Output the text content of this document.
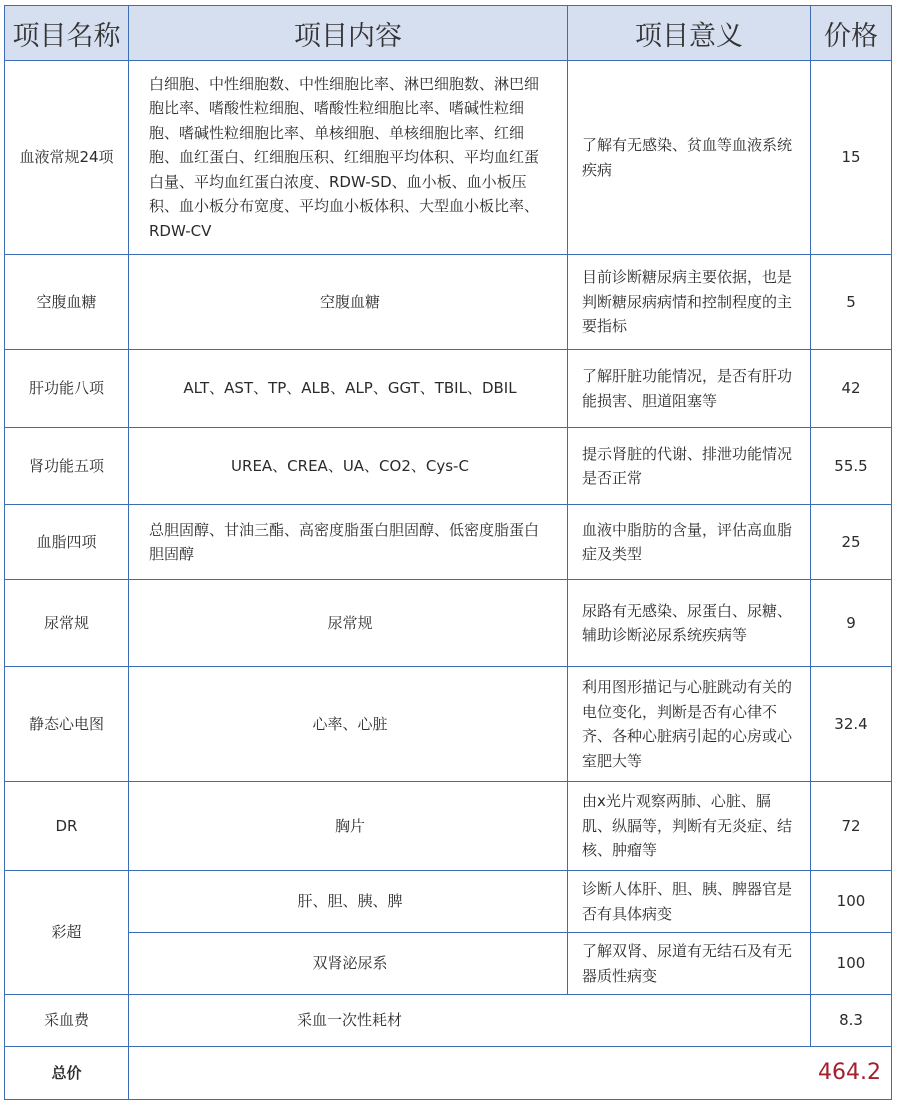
项目名称	项目内容	项目意义	价格
血液常规24项	白细胞、中性细胞数、中性细胞比率、淋巴细胞数、淋巴细胞比率、嗜酸性粒细胞、嗜酸性粒细胞比率、嗜碱性粒细胞、嗜碱性粒细胞比率、单核细胞、单核细胞比率、红细胞、血红蛋白、红细胞压积、红细胞平均体积、平均血红蛋白量、平均血红蛋白浓度、RDW-SD、血小板、血小板压积、血小板分布宽度、平均血小板体积、大型血小板比率、RDW-CV	了解有无感染、贫血等血液系统疾病	15
空腹血糖	空腹血糖	目前诊断糖尿病主要依据，也是判断糖尿病病情和控制程度的主要指标	5
肝功能八项	ALT、AST、TP、ALB、ALP、GGT、TBIL、DBIL	了解肝脏功能情况，是否有肝功能损害、胆道阻塞等	42
肾功能五项	UREA、CREA、UA、CO2、Cys-C	提示肾脏的代谢、排泄功能情况是否正常	55.5
血脂四项	总胆固醇、甘油三酯、高密度脂蛋白胆固醇、低密度脂蛋白胆固醇	血液中脂肪的含量，评估高血脂症及类型	25
尿常规	尿常规	尿路有无感染、尿蛋白、尿糖、辅助诊断泌尿系统疾病等	9
静态心电图	心率、心脏	利用图形描记与心脏跳动有关的电位变化，判断是否有心律不齐、各种心脏病引起的心房或心室肥大等	32.4
DR	胸片	由x光片观察两肺、心脏、膈肌、纵膈等，判断有无炎症、结核、肿瘤等	72
彩超	肝、胆、胰、脾	诊断人体肝、胆、胰、脾器官是否有具体病变	100
	双肾泌尿系	了解双肾、尿道有无结石及有无器质性病变	100
采血费	采血一次性耗材		8.3
总价	464.2		
